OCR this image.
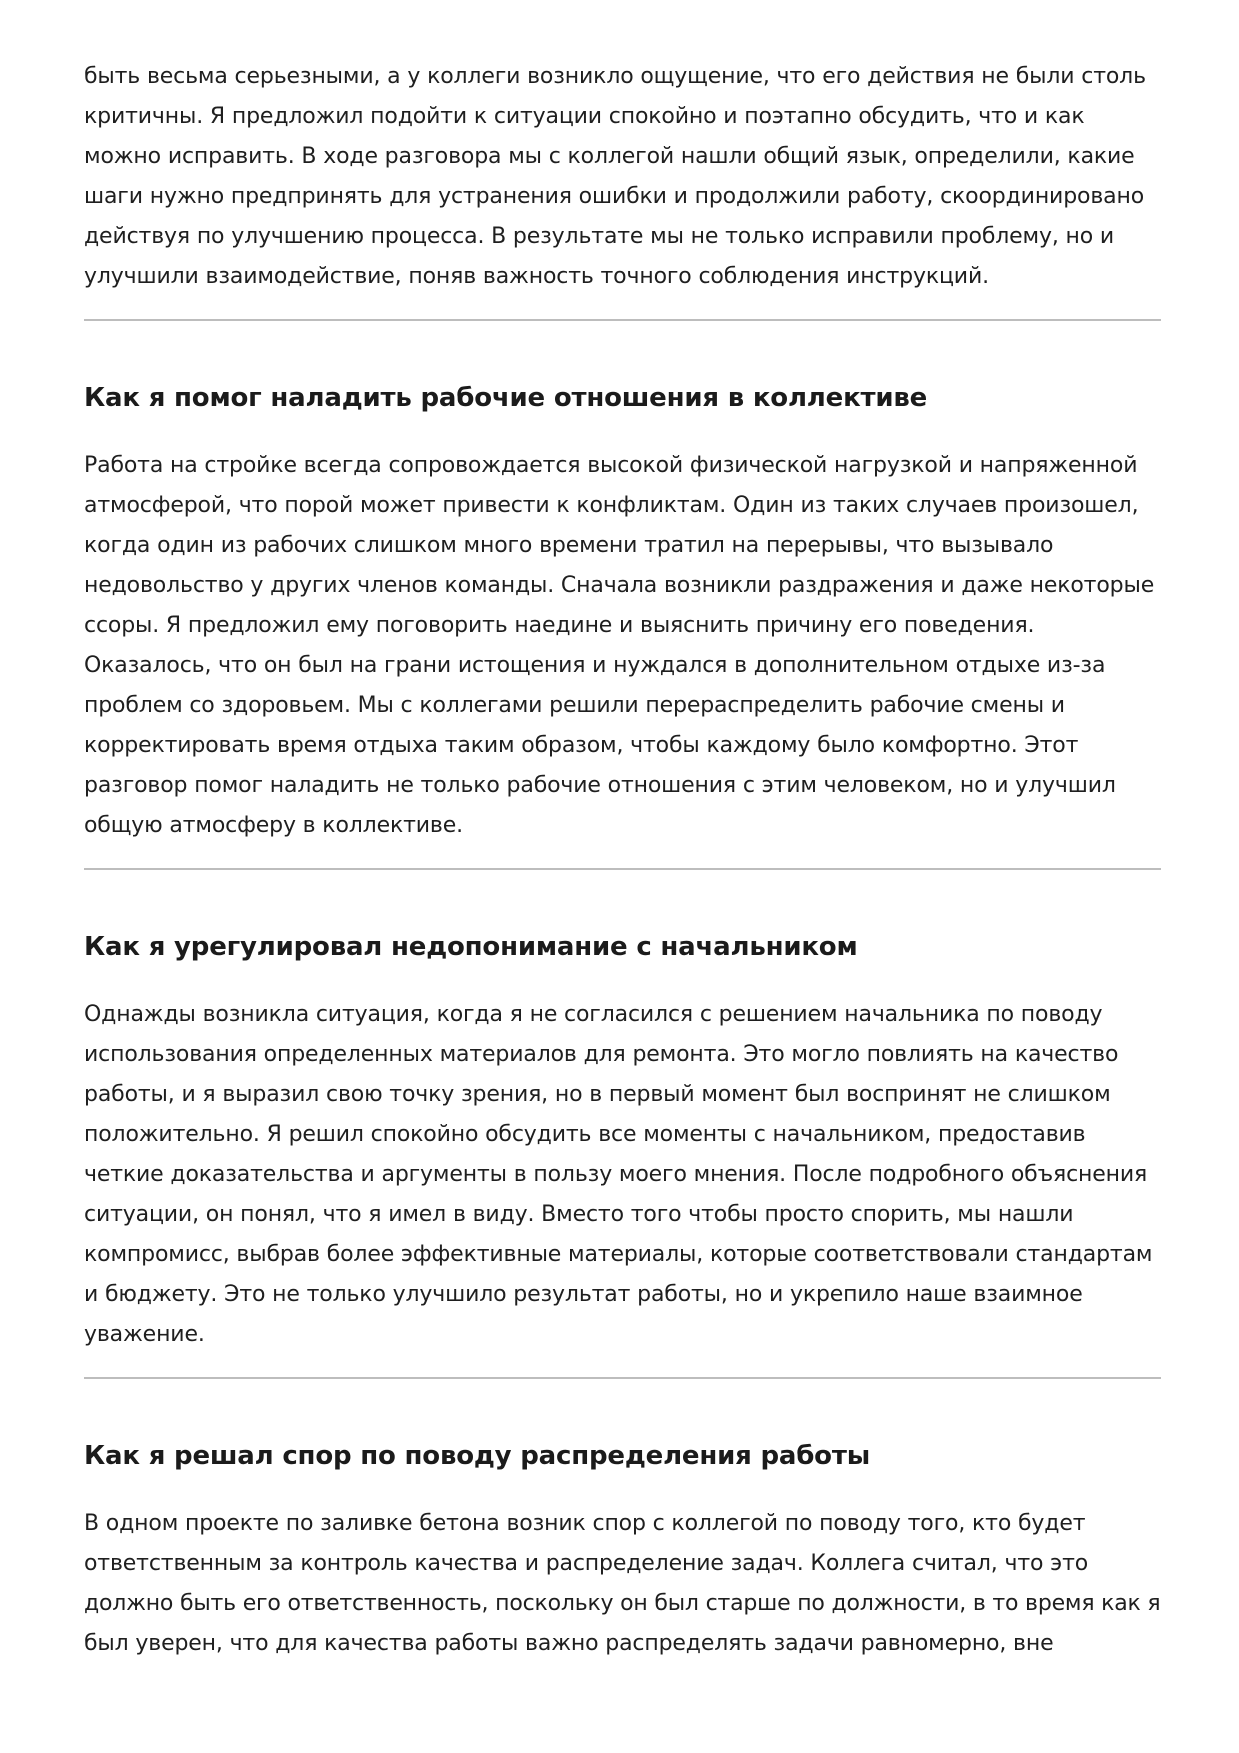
быть весьма серьезными, а у коллеги возникло ощущение, что его действия не были столь
критичны. Я предложил подойти к ситуации спокойно и поэтапно обсудить, что и как
можно исправить. В ходе разговора мы с коллегой нашли общий язык, определили, какие
шаги нужно предпринять для устранения ошибки и продолжили работу, скоординировано
действуя по улучшению процесса. В результате мы не только исправили проблему, но и
улучшили взаимодействие, поняв важность точного соблюдения инструкций.

Как я помог наладить рабочие отношения в коллективе

Работа на стройке всегда сопровождается высокой физической нагрузкой и напряженной
атмосферой, что порой может привести к конфликтам. Один из таких случаев произошел,
когда один из рабочих слишком много времени тратил на перерывы, что вызывало
недовольство у других членов команды. Сначала возникли раздражения и даже некоторые
ссоры. Я предложил ему поговорить наедине и выяснить причину его поведения.
Оказалось, что он был на грани истощения и нуждался в дополнительном отдыхе из-за
проблем со здоровьем. Мы с коллегами решили перераспределить рабочие смены и
корректировать время отдыха таким образом, чтобы каждому было комфортно. Этот
разговор помог наладить не только рабочие отношения с этим человеком, но и улучшил
общую атмосферу в коллективе.

Как я урегулировал недопонимание с начальником

Однажды возникла ситуация, когда я не согласился с решением начальника по поводу
использования определенных материалов для ремонта. Это могло повлиять на качество
работы, и я выразил свою точку зрения, но в первый момент был воспринят не слишком
положительно. Я решил спокойно обсудить все моменты с начальником, предоставив
четкие доказательства и аргументы в пользу моего мнения. После подробного объяснения
ситуации, он понял, что я имел в виду. Вместо того чтобы просто спорить, мы нашли
компромисс, выбрав более эффективные материалы, которые соответствовали стандартам
и бюджету. Это не только улучшило результат работы, но и укрепило наше взаимное
уважение.

Как я решал спор по поводу распределения работы

В одном проекте по заливке бетона возник спор с коллегой по поводу того, кто будет
ответственным за контроль качества и распределение задач. Коллега считал, что это
должно быть его ответственность, поскольку он был старше по должности, в то время как я
был уверен, что для качества работы важно распределять задачи равномерно, вне
